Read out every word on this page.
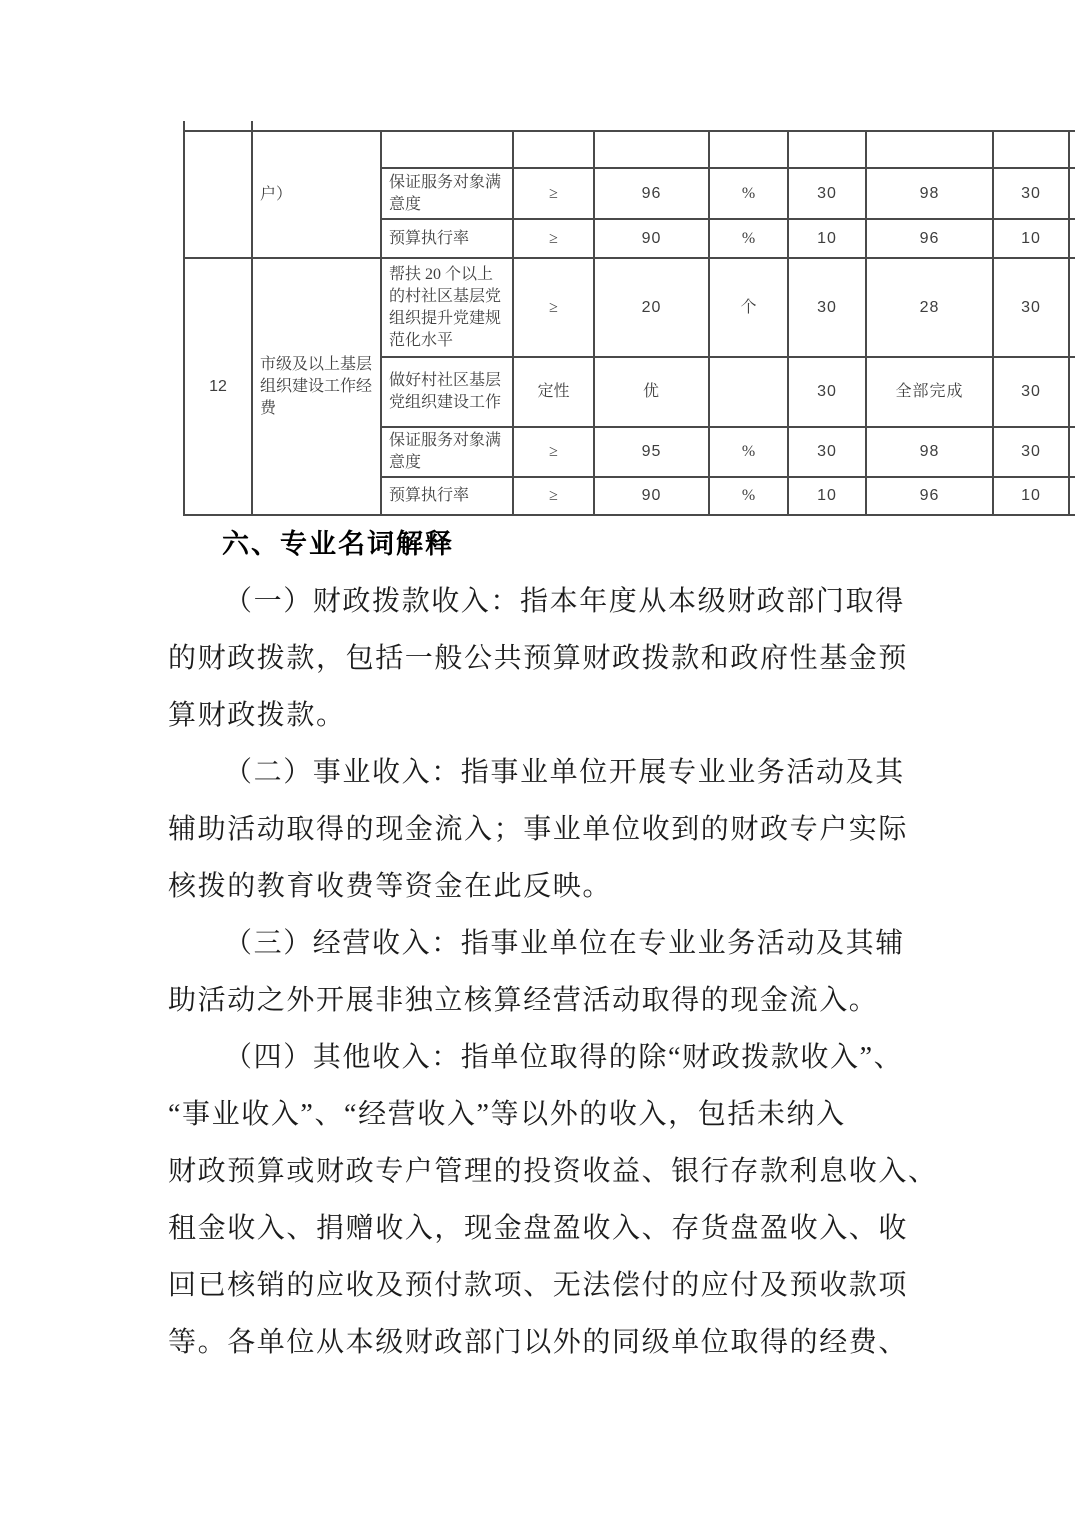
	户）								
		保证服务对象满意度	≥	96	%	30	98	30	
		预算执行率	≥	90	%	10	96	10	
12	市级及以上基层组织建设工作经费	帮扶 20 个以上的村社区基层党组织提升党建规范化水平	≥	20	个	30	28	30	
		做好村社区基层党组织建设工作	定性	优		30	全部完成	30	
		保证服务对象满意度	≥	95	%	30	98	30	
		预算执行率	≥	90	%	10	96	10	
六、专业名词解释
（一）财政拨款收入：指本年度从本级财政部门取得
的财政拨款，包括一般公共预算财政拨款和政府性基金预
算财政拨款。
（二）事业收入：指事业单位开展专业业务活动及其
辅助活动取得的现金流入；事业单位收到的财政专户实际
核拨的教育收费等资金在此反映。
（三）经营收入：指事业单位在专业业务活动及其辅
助活动之外开展非独立核算经营活动取得的现金流入。
（四）其他收入：指单位取得的除“财政拨款收入”、
“事业收入”、“经营收入”等以外的收入，包括未纳入
财政预算或财政专户管理的投资收益、银行存款利息收入、
租金收入、捐赠收入，现金盘盈收入、存货盘盈收入、收
回已核销的应收及预付款项、无法偿付的应付及预收款项
等。各单位从本级财政部门以外的同级单位取得的经费、
